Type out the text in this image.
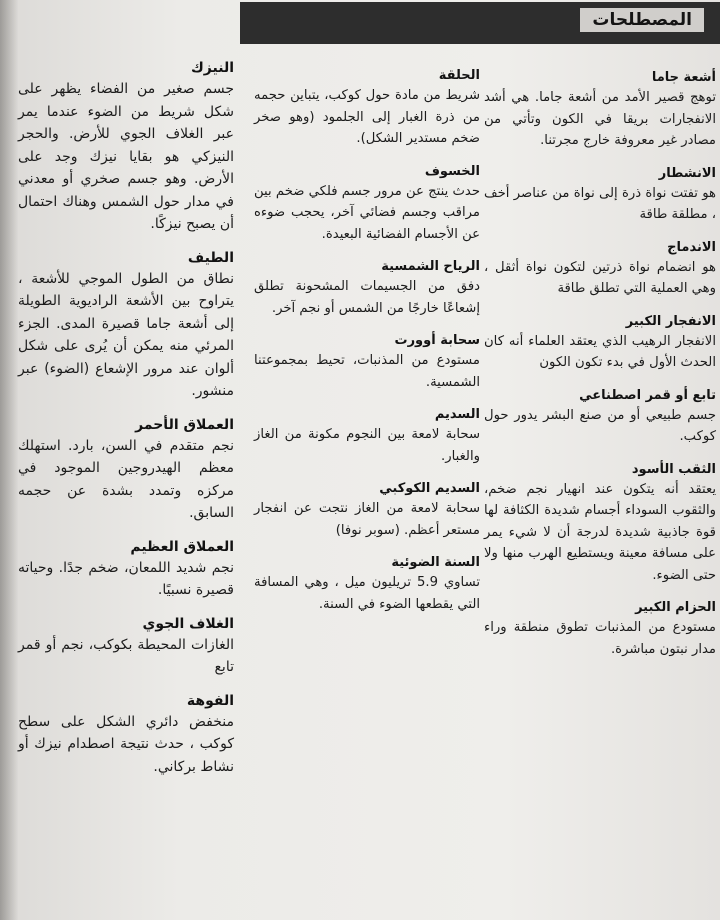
المصطلحات
أشعة جاما
توهج قصير الأمد من أشعة جاما. هي أشد الانفجارات بريقا في الكون وتأتي من مصادر غير معروفة خارج مجرتنا.
الانشطار
هو تفتت نواة ذرة إلى نواة من عناصر أخف ، مطلقة طاقة
الاندماج
هو انضمام نواة ذرتين لتكون نواة أثقل ، وهي العملية التي تطلق طاقة
الانفجار الكبير
الانفجار الرهيب الذي يعتقد العلماء أنه كان الحدث الأول في بدء تكون الكون
تابع أو قمر اصطناعي
جسم طبيعي أو من صنع البشر يدور حول كوكب.
الثقب الأسود
يعتقد أنه يتكون عند انهيار نجم ضخم، والثقوب السوداء أجسام شديدة الكثافة لها قوة جاذبية شديدة لدرجة أن لا شيء يمر على مسافة معينة ويستطيع الهرب منها ولا حتى الضوء.
الحزام الكبير
مستودع من المذنبات تطوق منطقة وراء مدار نبتون مباشرة.
الحلقة
شريط من مادة حول كوكب، يتباين حجمه من ذرة الغبار إلى الجلمود (وهو صخر ضخم مستدير الشكل).
الخسوف
حدث ينتج عن مرور جسم فلكي ضخم بين مراقب وجسم فضائي آخر، يحجب ضوءه عن الأجسام الفضائية البعيدة.
الرياح الشمسية
دفق من الجسيمات المشحونة تطلق إشعاعًا خارجًا من الشمس أو نجم آخر.
سحابة أوورت
مستودع من المذنبات، تحيط بمجموعتنا الشمسية.
السديم
سحابة لامعة بين النجوم مكونة من الغاز والغبار.
السديم الكوكبي
سحابة لامعة من الغاز نتجت عن انفجار مستعر أعظم. (سوبر نوفا)
السنة الضوئية
تساوي 5.9 تريليون ميل ، وهي المسافة التي يقطعها الضوء في السنة.
النيزك
جسم صغير من الفضاء يظهر على شكل شريط من الضوء عندما يمر عبر الغلاف الجوي للأرض. والحجر النيزكي هو بقايا نيزك وجد على الأرض. وهو جسم صخري أو معدني في مدار حول الشمس وهناك احتمال أن يصبح نيزكًا.
الطيف
نطاق من الطول الموجي للأشعة ، يتراوح بين الأشعة الراديوية الطويلة إلى أشعة جاما قصيرة المدى. الجزء المرئي منه يمكن أن يُرى على شكل ألوان عند مرور الإشعاع (الضوء) عبر منشور.
العملاق الأحمر
نجم متقدم في السن، بارد. استهلك معظم الهيدروجين الموجود في مركزه وتمدد بشدة عن حجمه السابق.
العملاق العظيم
نجم شديد اللمعان، ضخم جدًا. وحياته قصيرة نسبيًا.
الغلاف الجوي
الغازات المحيطة بكوكب، نجم أو قمر تابع
الفوهة
منخفض دائري الشكل على سطح كوكب ، حدث نتيجة اصطدام نيزك أو نشاط بركاني.
